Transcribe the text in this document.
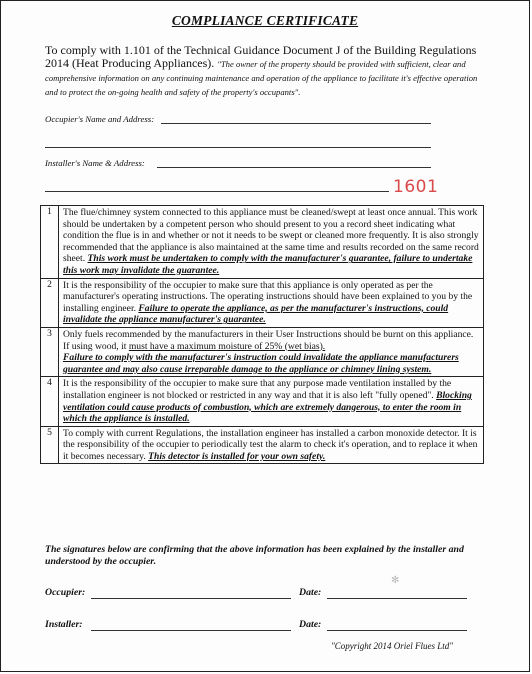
COMPLIANCE CERTIFICATE
To comply with 1.101 of the Technical Guidance Document J of the Building Regulations 2014 (Heat Producing Appliances). "The owner of the property should be provided with sufficient, clear and comprehensive information on any continuing maintenance and operation of the appliance to facilitate it's effective operation and to protect the on-going health and safety of the property's occupants".
Occupier's Name and Address:
Installer's Name & Address:
1601
1	The flue/chimney system connected to this appliance must be cleaned/swept at least once annual. This work should be undertaken by a competent person who should present to you a record sheet indicating what condition the flue is in and whether or not it needs to be swept or cleaned more frequently. It is also strongly recommended that the appliance is also maintained at the same time and results recorded on the same record sheet. This work must be undertaken to comply with the manufacturer's guarantee, failure to undertake this work may invalidate the guarantee.
2	It is the responsibility of the occupier to make sure that this appliance is only operated as per the manufacturer's operating instructions. The operating instructions should have been explained to you by the installing engineer. Failure to operate the appliance, as per the manufacturer's instructions, could invalidate the appliance manufacturer's guarantee.
3	Only fuels recommended by the manufacturers in their User Instructions should be burnt on this appliance. If using wood, it must have a maximum moisture of 25% (wet bias).
Failure to comply with the manufacturer's instruction could invalidate the appliance manufacturers guarantee and may also cause irreparable damage to the appliance or chimney lining system.
4	It is the responsibility of the occupier to make sure that any purpose made ventilation installed by the installation engineer is not blocked or restricted in any way and that it is also left "fully opened". Blocking ventilation could cause products of combustion, which are extremely dangerous, to enter the room in which the appliance is installed.
5	To comply with current Regulations, the installation engineer has installed a carbon monoxide detector. It is the responsibility of the occupier to periodically test the alarm to check it's operation, and to replace it when it becomes necessary. This detector is installed for your own safety.
The signatures below are confirming that the above information has been explained by the installer and understood by the occupier.
Occupier:	Date:
✻
Installer:	Date:
"Copyright 2014 Oriel Flues Ltd"
